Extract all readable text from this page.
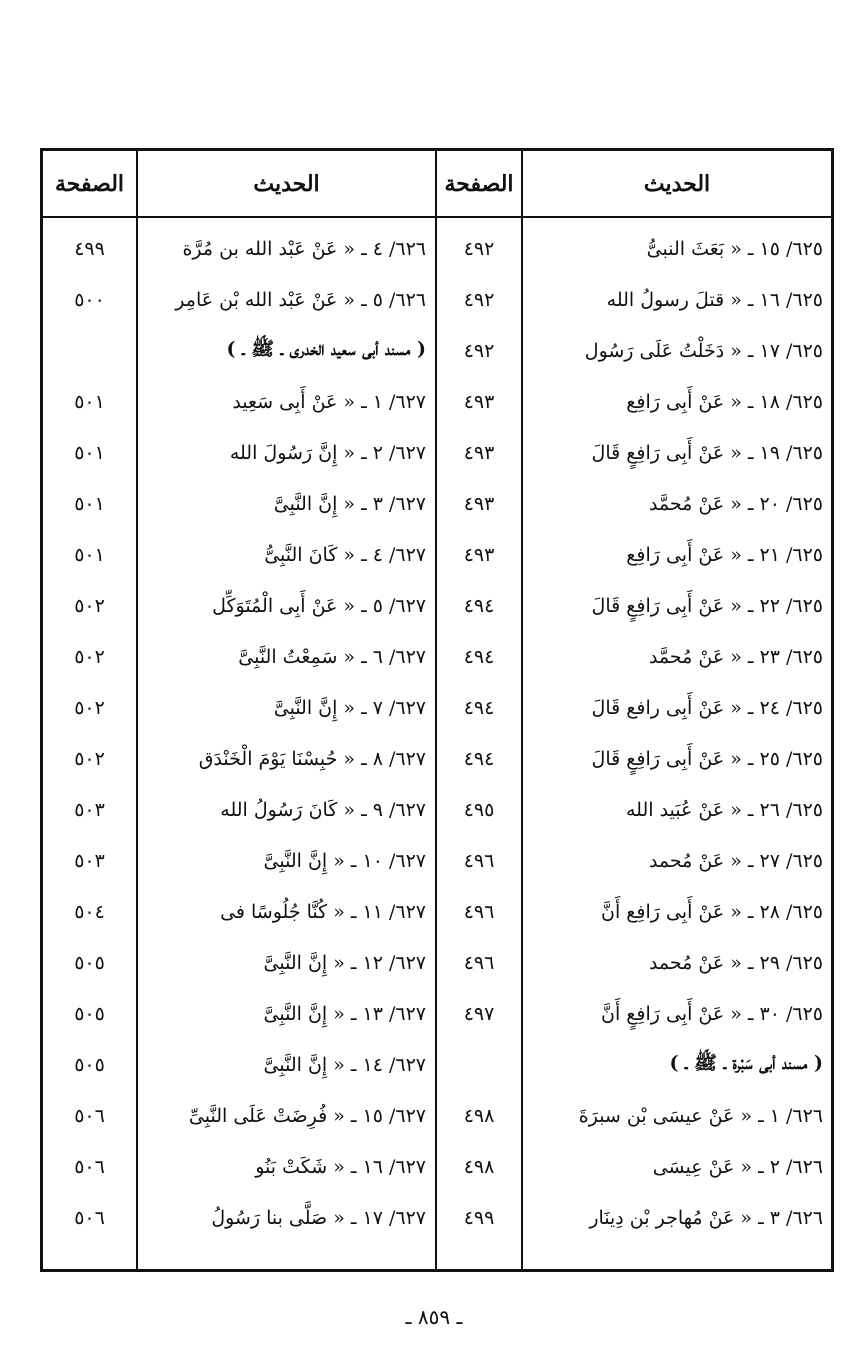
الحديث
الصفحة
الحديث
الصفحة
٦٢٥/ ١٥ ـ « بَعَثَ النبىُّ
٤٩٢
٦٢٦/ ٤ ـ « عَنْ عَبْد الله بن مُرَّة
٤٩٩
٦٢٥/ ١٦ ـ « قتلَ رسولُ الله
٤٩٢
٦٢٦/ ٥ ـ « عَنْ عَبْد الله بْن عَامِر
٥٠٠
٦٢٥/ ١٧ ـ « دَخَلْتُ عَلَى رَسُول
٤٩٢
( مسند أبى سعيد الخدرى ـ ﷺ ـ )
٦٢٥/ ١٨ ـ « عَنْ أَبِى رَافِع
٤٩٣
٦٢٧/ ١ ـ « عَنْ أَبِى سَعِيد
٥٠١
٦٢٥/ ١٩ ـ « عَنْ أَبِى رَافِعٍ قَالَ
٤٩٣
٦٢٧/ ٢ ـ « إِنَّ رَسُولَ الله
٥٠١
٦٢٥/ ٢٠ ـ « عَنْ مُحمَّد
٤٩٣
٦٢٧/ ٣ ـ « إِنَّ النَّبِىَّ
٥٠١
٦٢٥/ ٢١ ـ « عَنْ أَبِى رَافِع
٤٩٣
٦٢٧/ ٤ ـ « كَانَ النَّبِىُّ
٥٠١
٦٢٥/ ٢٢ ـ « عَنْ أَبِى رَافِعٍ قَالَ
٤٩٤
٦٢٧/ ٥ ـ « عَنْ أَبِى الْمُتَوَكِّل
٥٠٢
٦٢٥/ ٢٣ ـ « عَنْ مُحمَّد
٤٩٤
٦٢٧/ ٦ ـ « سَمِعْتُ النَّبِىَّ
٥٠٢
٦٢٥/ ٢٤ ـ « عَنْ أَبِى رافع قَالَ
٤٩٤
٦٢٧/ ٧ ـ « إِنَّ النَّبِىَّ
٥٠٢
٦٢٥/ ٢٥ ـ « عَنْ أَبِى رَافِعٍ قَالَ
٤٩٤
٦٢٧/ ٨ ـ « حُبِسْنَا يَوْمَ الْخَنْدَق
٥٠٢
٦٢٥/ ٢٦ ـ « عَنْ عُبَيد الله
٤٩٥
٦٢٧/ ٩ ـ « كَانَ رَسُولُ الله
٥٠٣
٦٢٥/ ٢٧ ـ « عَنْ مُحمد
٤٩٦
٦٢٧/ ١٠ ـ « إِنَّ النَّبِىَّ
٥٠٣
٦٢٥/ ٢٨ ـ « عَنْ أَبِى رَافِع أَنَّ
٤٩٦
٦٢٧/ ١١ ـ « كُنَّا جُلُوسًا فى
٥٠٤
٦٢٥/ ٢٩ ـ « عَنْ مُحمد
٤٩٦
٦٢٧/ ١٢ ـ « إِنَّ النَّبِىَّ
٥٠٥
٦٢٥/ ٣٠ ـ « عَنْ أَبِى رَافِعٍ أَنَّ
٤٩٧
٦٢٧/ ١٣ ـ « إِنَّ النَّبِىَّ
٥٠٥
( مسند أبى سَبْرة ـ ﷺ ـ )
٦٢٧/ ١٤ ـ « إِنَّ النَّبِىَّ
٥٠٥
٦٢٦/ ١ ـ « عَنْ عيسَى بْن سبرَةَ
٤٩٨
٦٢٧/ ١٥ ـ « فُرِضَتْ عَلَى النَّبِىِّ
٥٠٦
٦٢٦/ ٢ ـ « عَنْ عِيسَى
٤٩٨
٦٢٧/ ١٦ ـ « شَكَتْ بَنُو
٥٠٦
٦٢٦/ ٣ ـ « عَنْ مُهاجر بْن دِينَار
٤٩٩
٦٢٧/ ١٧ ـ « صَلَّى بنا رَسُولُ
٥٠٦
ـ ٨٥٩ ـ
